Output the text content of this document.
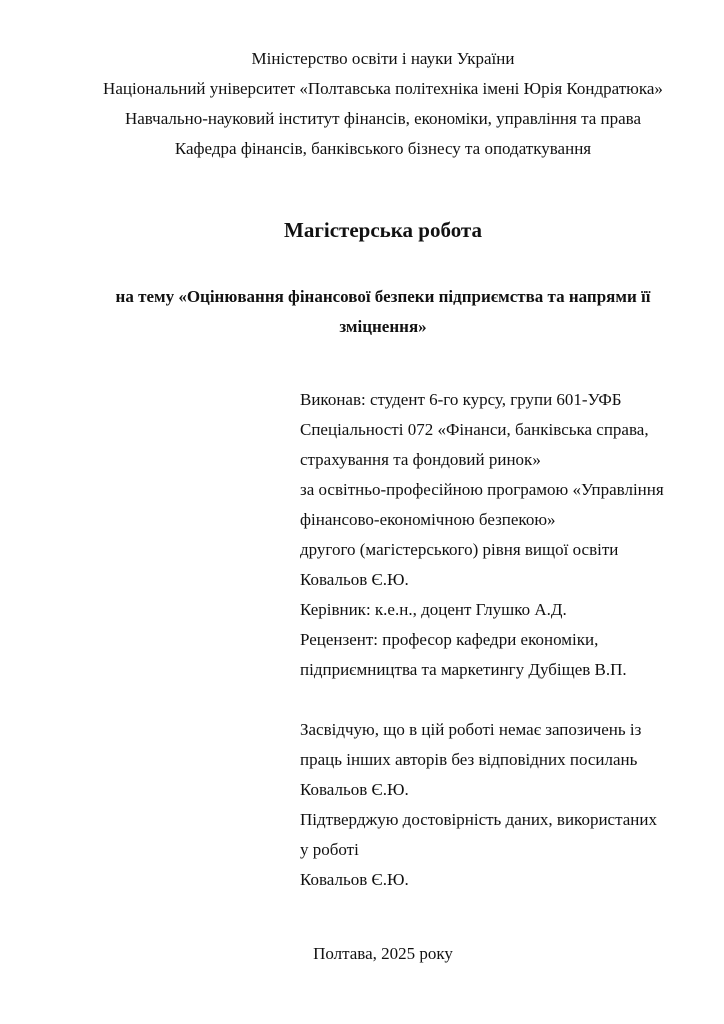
Міністерство освіти і науки України
Національний університет «Полтавська політехніка імені Юрія Кондратюка»
Навчально-науковий інститут фінансів, економіки, управління та права
Кафедра фінансів, банківського бізнесу та оподаткування
Магістерська робота
на тему «Оцінювання фінансової безпеки підприємства та напрями її
зміцнення»
Виконав: студент 6-го курсу, групи 601-УФБ
Спеціальності 072 «Фінанси, банківська справа,
страхування та фондовий ринок»
за освітньо-професійною програмою «Управління
фінансово-економічною безпекою»
другого (магістерського) рівня вищої освіти
Ковальов Є.Ю.
Керівник: к.е.н., доцент Глушко А.Д.
Рецензент: професор кафедри економіки,
підприємництва та маркетингу Дубіщев В.П.
Засвідчую, що в цій роботі немає запозичень із
праць інших авторів без відповідних посилань
Ковальов Є.Ю.
Підтверджую достовірність даних, використаних
у роботі
Ковальов Є.Ю.
Полтава, 2025 року
